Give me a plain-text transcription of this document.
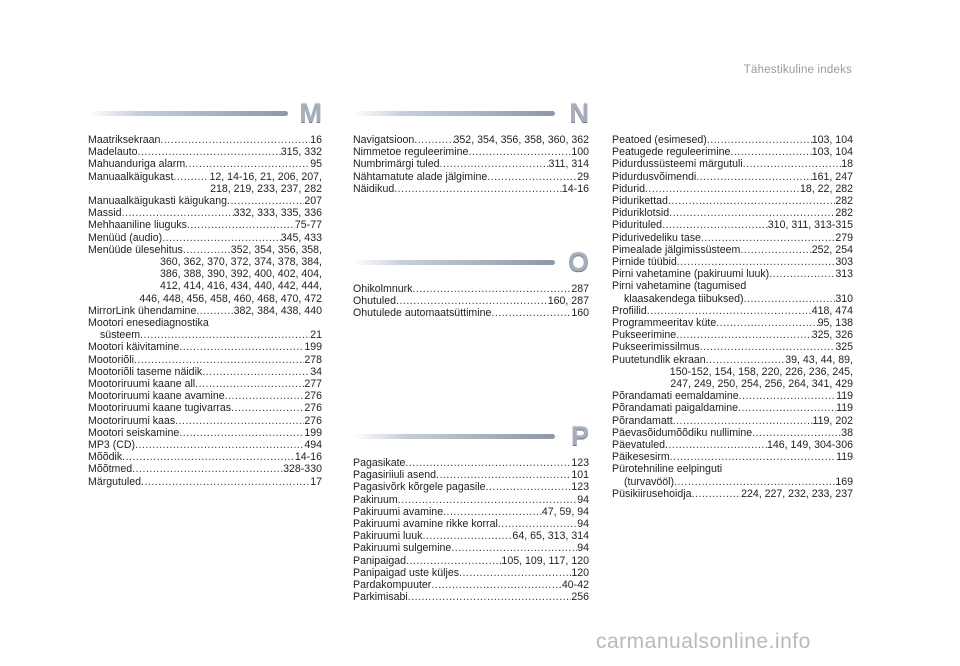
Tähestikuline indeks
M
Maatriksekraan .....	16
Madelauto .....	315, 332
Mahuanduriga alarm .....	95
Manuaalkäigukast .....	12, 14-16, 21, 206, 207,
218, 219, 233, 237, 282
Manuaalkäigukasti käigukang .....	207
Massid .....	332, 333, 335, 336
Mehhaaniline liuguks .....	75-77
Menüüd (audio) .....	345, 433
Menüüde ülesehitus .....	352, 354, 356, 358,
360, 362, 370, 372, 374, 378, 384,
386, 388, 390, 392, 400, 402, 404,
412, 414, 416, 434, 440, 442, 444,
446, 448, 456, 458, 460, 468, 470, 472
MirrorLink ühendamine .....	382, 384, 438, 440
Mootori enesediagnostika
süsteem .....	21
Mootori käivitamine .....	199
Mootoriõli .....	278
Mootoriõli taseme näidik .....	34
Mootoriruumi kaane all .....	277
Mootoriruumi kaane avamine .....	276
Mootoriruumi kaane tugivarras .....	276
Mootoriruumi kaas .....	276
Mootori seiskamine .....	199
MP3 (CD) .....	494
Mõõdik .....	14-16
Mõõtmed .....	328-330
Märgutuled .....	17
N
Navigatsioon .....	352, 354, 356, 358, 360, 362
Nimmetoe reguleerimine .....	100
Numbrimärgi tuled .....	311, 314
Nähtamatute alade jälgimine .....	29
Näidikud .....	14-16
O
Ohikolmnurk .....	287
Ohutuled .....	160, 287
Ohutulede automaatsüttimine .....	160
P
Pagasikate .....	123
Pagasiriiuli asend .....	101
Pagasivõrk kõrgele pagasile .....	123
Pakiruum .....	94
Pakiruumi avamine .....	47, 59, 94
Pakiruumi avamine rikke korral .....	94
Pakiruumi luuk .....	64, 65, 313, 314
Pakiruumi sulgemine .....	94
Panipaigad .....	105, 109, 117, 120
Panipaigad uste küljes .....	120
Pardakompuuter .....	40-42
Parkimisabi .....	256
Peatoed (esimesed) .....	103, 104
Peatugede reguleerimine .....	103, 104
Pidurdussüsteemi märgutuli .....	18
Pidurdusvõimendi .....	161, 247
Pidurid .....	18, 22, 282
Pidurikettad .....	282
Piduriklotsid .....	282
Pidurituled .....	310, 311, 313-315
Pidurivedeliku tase .....	279
Pimealade jälgimissüsteem .....	252, 254
Pirnide tüübid .....	303
Pirni vahetamine (pakiruumi luuk) .....	313
Pirni vahetamine (tagumised
klaasakendega tiibuksed) .....	310
Profiilid .....	418, 474
Programmeeritav küte .....	95, 138
Pukseerimine .....	325, 326
Pukseerimissilmus .....	325
Puutetundlik ekraan .....	39, 43, 44, 89,
150-152, 154, 158, 220, 226, 236, 245,
247, 249, 250, 254, 256, 264, 341, 429
Põrandamati eemaldamine .....	119
Põrandamati paigaldamine .....	119
Põrandamatt .....	119, 202
Päevasõidumõõdiku nullimine .....	38
Päevatuled .....	146, 149, 304-306
Päikesesirm .....	119
Pürotehniline eelpinguti
(turvavööl) .....	169
Püsikiirusehoidja .....	224, 227, 232, 233, 237
carmanualsonline.info
